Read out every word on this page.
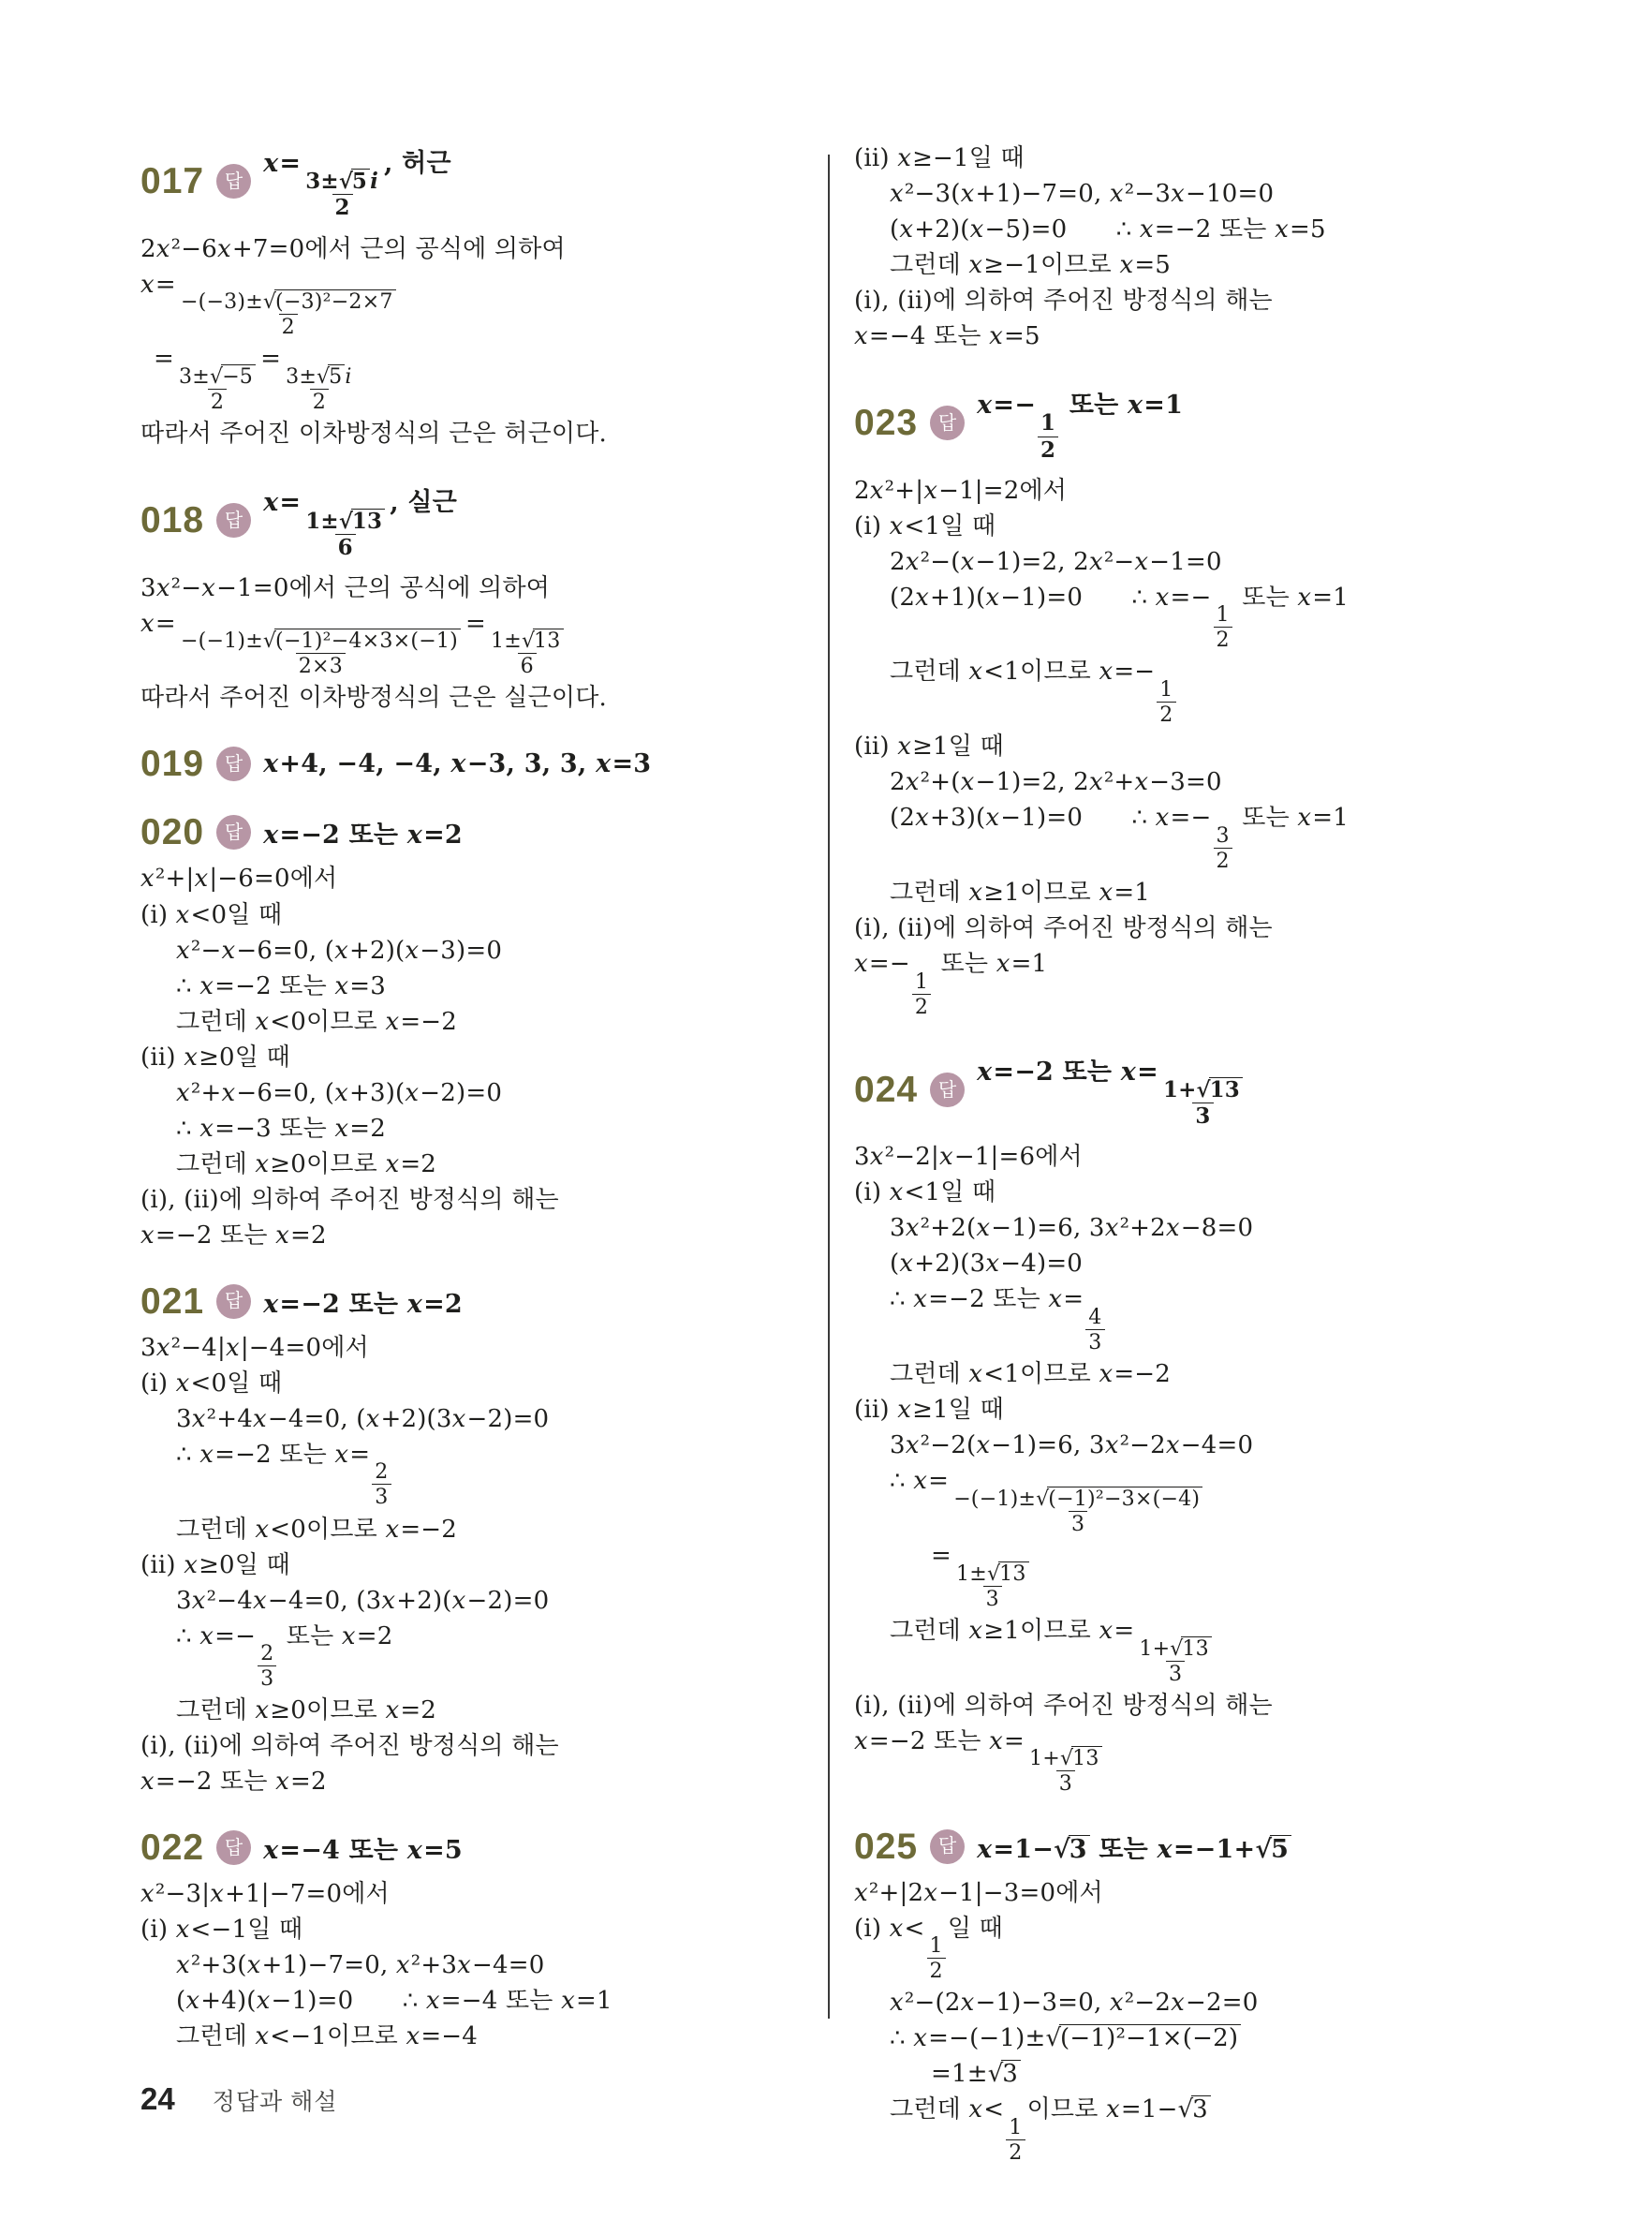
017	답
x=
$\frac{3\pm√5 i}{2}$
, 허근
2x²−6x+7=0에서 근의 공식에 의하여
x=
$\frac{\text{−(−3)±√(−3)²−2×7}}{2}$
=
$\frac{3\pm√-5}{2}$
=
$\frac{3\pm√5 i}{2}$
따라서 주어진 이차방정식의 근은 허근이다.
018	답
x=
$\frac{1\pm√13}{6}$
, 실근
3x²−x−1=0에서 근의 공식에 의하여
x=
$\frac{\text{−(−1)±√(−1)²−4×3×(−1)}}{2\times 3}$
=
$\frac{1\pm√13}{6}$
따라서 주어진 이차방정식의 근은 실근이다.
019	답 x+4, −4, −4, x−3, 3, 3, x=3
020	답 x=−2 또는 x=2
x²+|x|−6=0에서
(i) x<0일 때
x²−x−6=0, (x+2)(x−3)=0
∴ x=−2 또는 x=3
그런데 x<0이므로 x=−2
(ii) x≥0일 때
x²+x−6=0, (x+3)(x−2)=0
∴ x=−3 또는 x=2
그런데 x≥0이므로 x=2
(i), (ii)에 의하여 주어진 방정식의 해는
x=−2 또는 x=2
021	답 x=−2 또는 x=2
3x²−4|x|−4=0에서
(i) x<0일 때
3x²+4x−4=0, (x+2)(3x−2)=0
∴ x=−2 또는 x=
$\frac{2}{3}$
그런데 x<0이므로 x=−2
(ii) x≥0일 때
3x²−4x−4=0, (3x+2)(x−2)=0
∴ x=−
$\frac{2}{3}$
또는 x=2
그런데 x≥0이므로 x=2
(i), (ii)에 의하여 주어진 방정식의 해는
x=−2 또는 x=2
022	답 x=−4 또는 x=5
x²−3|x+1|−7=0에서
(i) x<−1일 때
x²+3(x+1)−7=0, x²+3x−4=0
(x+4)(x−1)=0  ∴ x=−4 또는 x=1
그런데 x<−1이므로 x=−4
(ii) x≥−1일 때
x²−3(x+1)−7=0, x²−3x−10=0
(x+2)(x−5)=0  ∴ x=−2 또는 x=5
그런데 x≥−1이므로 x=5
(i), (ii)에 의하여 주어진 방정식의 해는
x=−4 또는 x=5
023	답
x=−
$\frac{1}{2}$
또는 x=1
2x²+|x−1|=2에서
(i) x<1일 때
2x²−(x−1)=2, 2x²−x−1=0
(2x+1)(x−1)=0  ∴ x=−
$\frac{1}{2}$
또는 x=1
그런데 x<1이므로 x=−
$\frac{1}{2}$
(ii) x≥1일 때
2x²+(x−1)=2, 2x²+x−3=0
(2x+3)(x−1)=0  ∴ x=−
$\frac{3}{2}$
또는 x=1
그런데 x≥1이므로 x=1
(i), (ii)에 의하여 주어진 방정식의 해는
x=−
$\frac{1}{2}$
또는 x=1
024	답
x=−2 또는 x=
$\frac{1+√13}{3}$
3x²−2|x−1|=6에서
(i) x<1일 때
3x²+2(x−1)=6, 3x²+2x−8=0
(x+2)(3x−4)=0
∴ x=−2 또는 x=
$\frac{4}{3}$
그런데 x<1이므로 x=−2
(ii) x≥1일 때
3x²−2(x−1)=6, 3x²−2x−4=0
∴ x=
$\frac{\text{−(−1)±√(−1)²−3×(−4)}}{3}$
=
$\frac{1\pm√13}{3}$
그런데 x≥1이므로 x=
$\frac{1+√13}{3}$
(i), (ii)에 의하여 주어진 방정식의 해는
x=−2 또는 x=
$\frac{1+√13}{3}$
025	답 x=1−√3 또는 x=−1+√5
x²+|2x−1|−3=0에서
(i) x<
$\frac{1}{2}$
일 때
x²−(2x−1)−3=0, x²−2x−2=0
∴ x=−(−1)±√(−1)²−1×(−2)
=1±√3
그런데 x<
$\frac{1}{2}$
이므로 x=1−√3
24 정답과 해설
